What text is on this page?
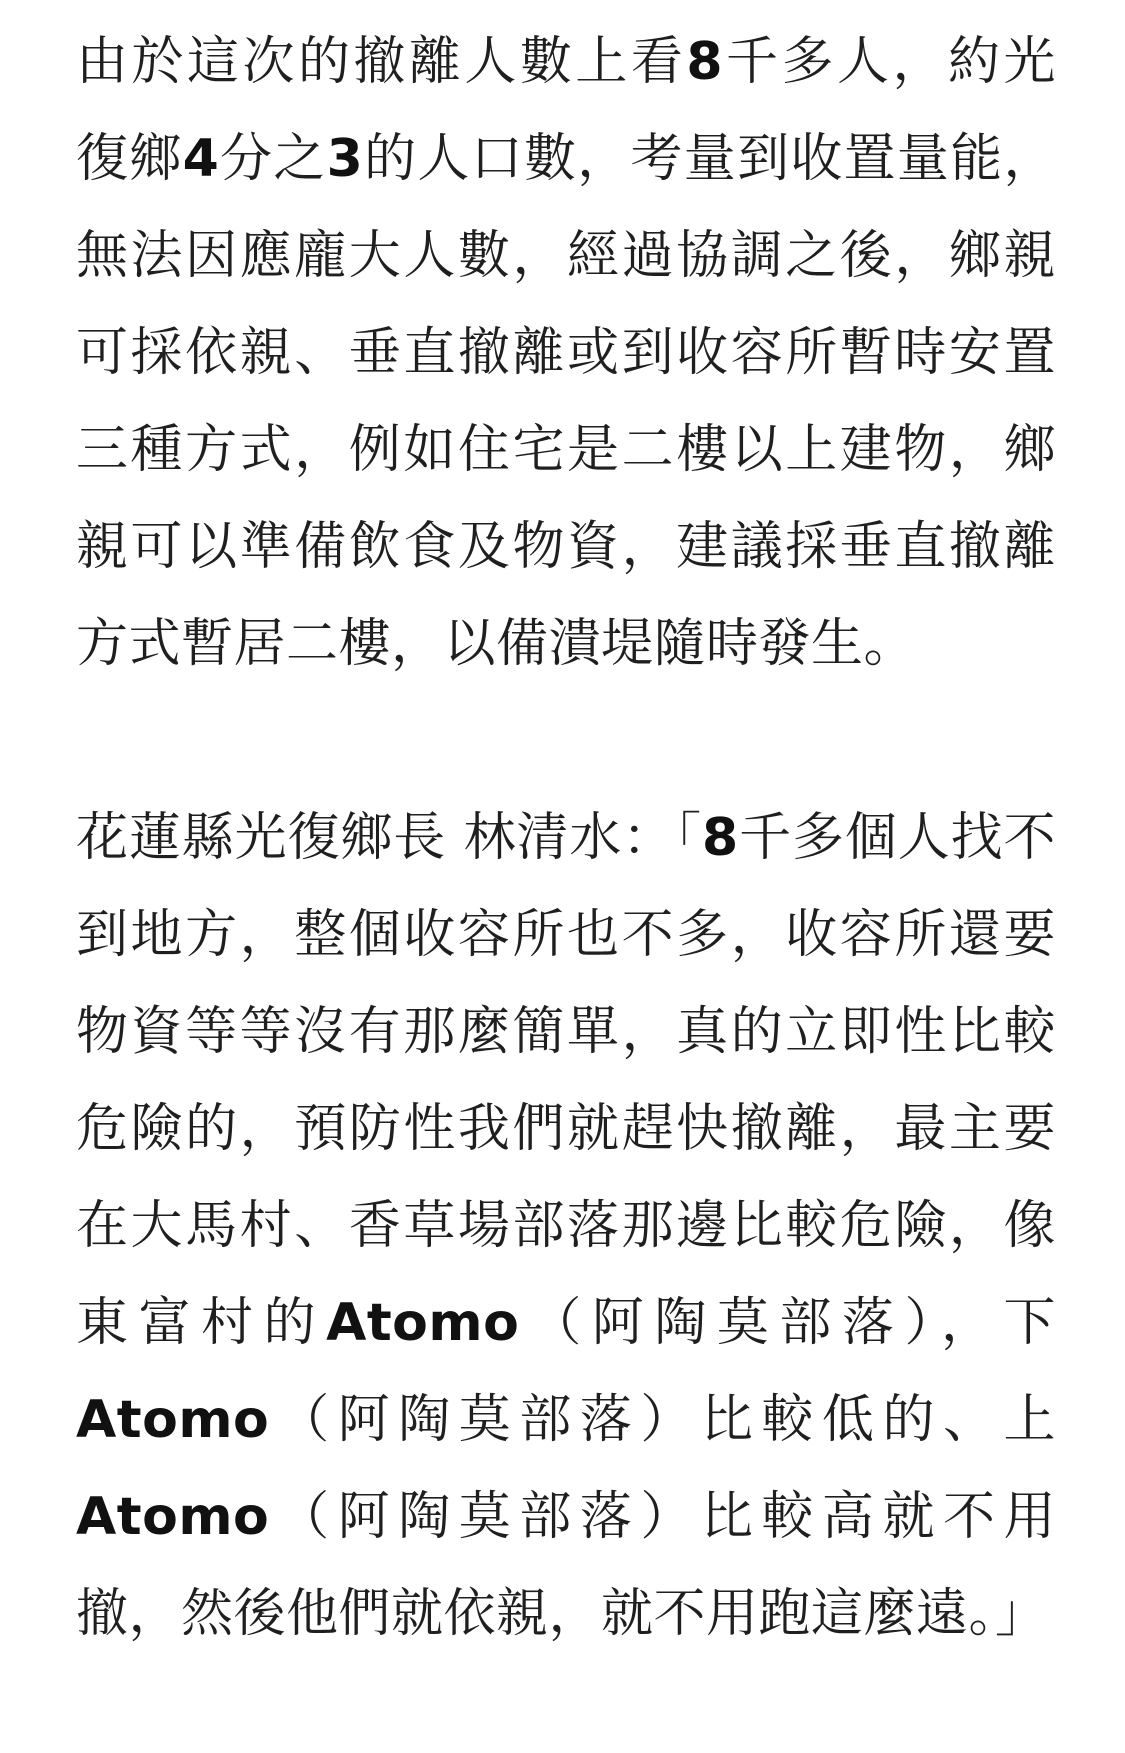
由於這次的撤離人數上看8千多人，約光復鄉4分之3的人口數，考量到收置量能，無法因應龐大人數，經過協調之後，鄉親可採依親、垂直撤離或到收容所暫時安置三種方式，例如住宅是二樓以上建物，鄉親可以準備飲食及物資，建議採垂直撤離方式暫居二樓，以備潰堤隨時發生。

花蓮縣光復鄉長 林清水：「8千多個人找不到地方，整個收容所也不多，收容所還要物資等等沒有那麼簡單，真的立即性比較危險的，預防性我們就趕快撤離，最主要在大馬村、香草場部落那邊比較危險，像東富村的Atomo（阿陶莫部落），下Atomo（阿陶莫部落）比較低的、上Atomo（阿陶莫部落）比較高就不用撤，然後他們就依親，就不用跑這麼遠。」
